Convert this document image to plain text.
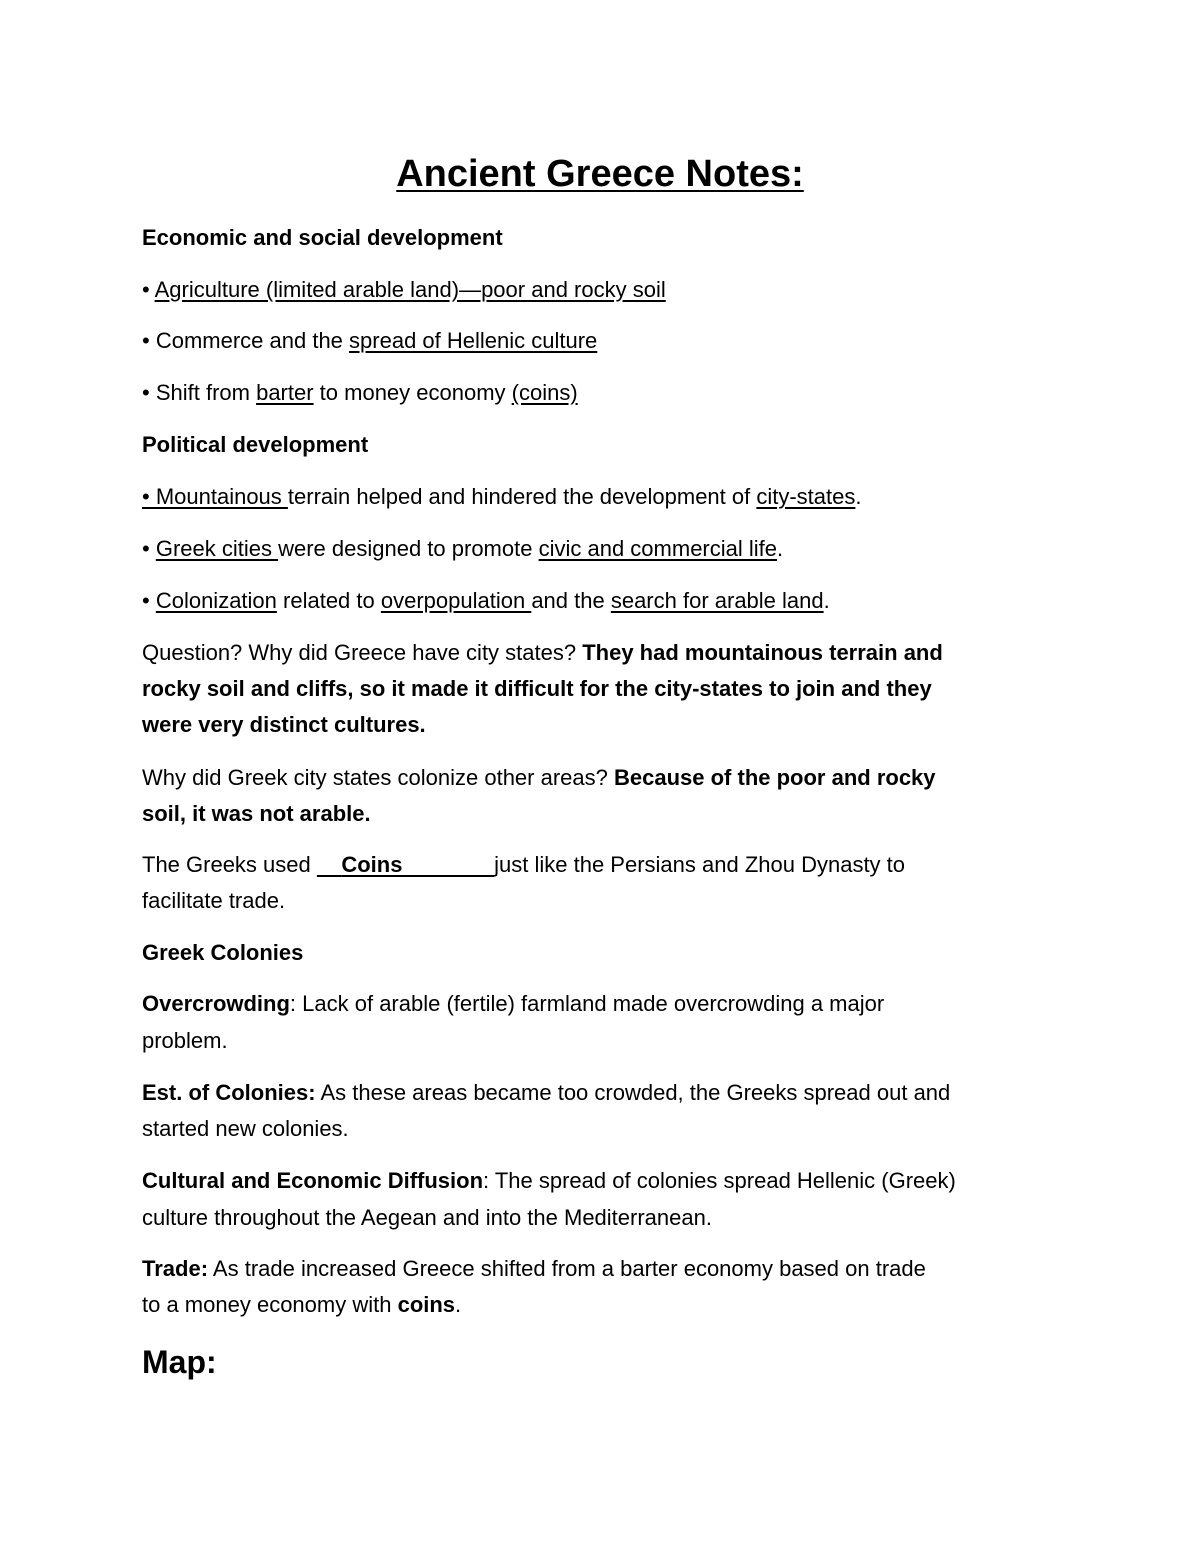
Ancient Greece Notes:
Economic and social development
• Agriculture (limited arable land)—poor and rocky soil
• Commerce and the spread of Hellenic culture
• Shift from barter to money economy (coins)
Political development
• Mountainous terrain helped and hindered the development of city-states.
• Greek cities were designed to promote civic and commercial life.
• Colonization related to overpopulation and the search for arable land.
Question? Why did Greece have city states? They had mountainous terrain and
rocky soil and cliffs, so it made it difficult for the city-states to join and they
were very distinct cultures.
Why did Greek city states colonize other areas? Because of the poor and rocky
soil, it was not arable.
The Greeks used     Coins	just like the Persians and Zhou Dynasty to
facilitate trade.
Greek Colonies
Overcrowding: Lack of arable (fertile) farmland made overcrowding a major
problem.
Est. of Colonies: As these areas became too crowded, the Greeks spread out and
started new colonies.
Cultural and Economic Diffusion: The spread of colonies spread Hellenic (Greek)
culture throughout the Aegean and into the Mediterranean.
Trade: As trade increased Greece shifted from a barter economy based on trade
to a money economy with coins.
Map:
